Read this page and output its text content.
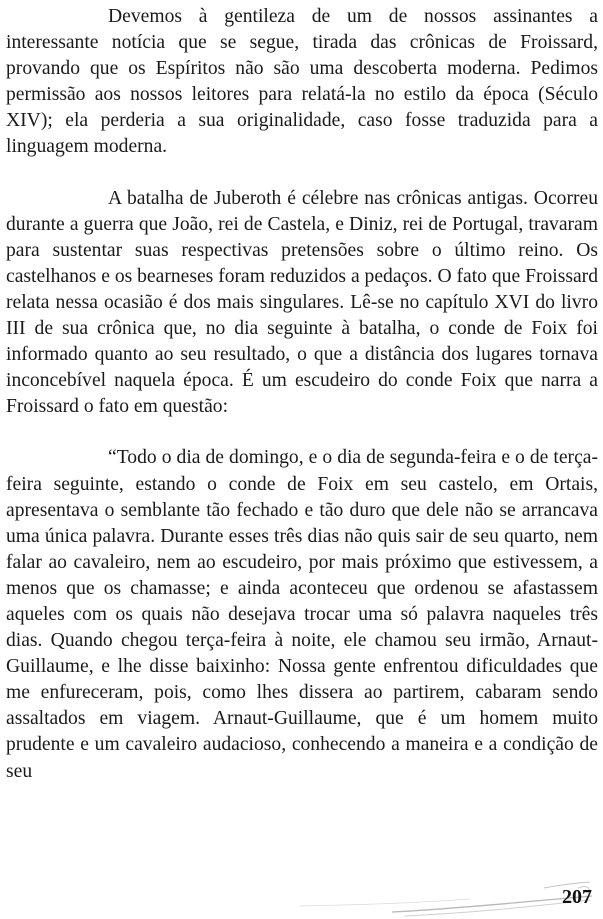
Devemos à gentileza de um de nossos assinantes a interessante notícia que se segue, tirada das crônicas de Froissard, provando que os Espíritos não são uma descoberta moderna. Pedimos permissão aos nossos leitores para relatá-la no estilo da época (Século XIV); ela perderia a sua originalidade, caso fosse traduzida para a linguagem moderna.

A batalha de Juberoth é célebre nas crônicas antigas. Ocorreu durante a guerra que João, rei de Castela, e Diniz, rei de Portugal, travaram para sustentar suas respectivas pretensões sobre o último reino. Os castelhanos e os bearneses foram reduzidos a pedaços. O fato que Froissard relata nessa ocasião é dos mais singulares. Lê-se no capítulo XVI do livro III de sua crônica que, no dia seguinte à batalha, o conde de Foix foi informado quanto ao seu resultado, o que a distância dos lugares tornava inconcebível naquela época. É um escudeiro do conde Foix que narra a Froissard o fato em questão:

“Todo o dia de domingo, e o dia de segunda-feira e o de terça-feira seguinte, estando o conde de Foix em seu castelo, em Ortais, apresentava o semblante tão fechado e tão duro que dele não se arrancava uma única palavra. Durante esses três dias não quis sair de seu quarto, nem falar ao cavaleiro, nem ao escudeiro, por mais próximo que estivessem, a menos que os chamasse; e ainda aconteceu que ordenou se afastassem aqueles com os quais não desejava trocar uma só palavra naqueles três dias. Quando chegou terça-feira à noite, ele chamou seu irmão, Arnaut-Guillaume, e lhe disse baixinho: Nossa gente enfrentou dificuldades que me enfureceram, pois, como lhes dissera ao partirem, cabaram sendo assaltados em viagem. Arnaut-Guillaume, que é um homem muito prudente e um cavaleiro audacioso, conhecendo a maneira e a condição de seu

207
